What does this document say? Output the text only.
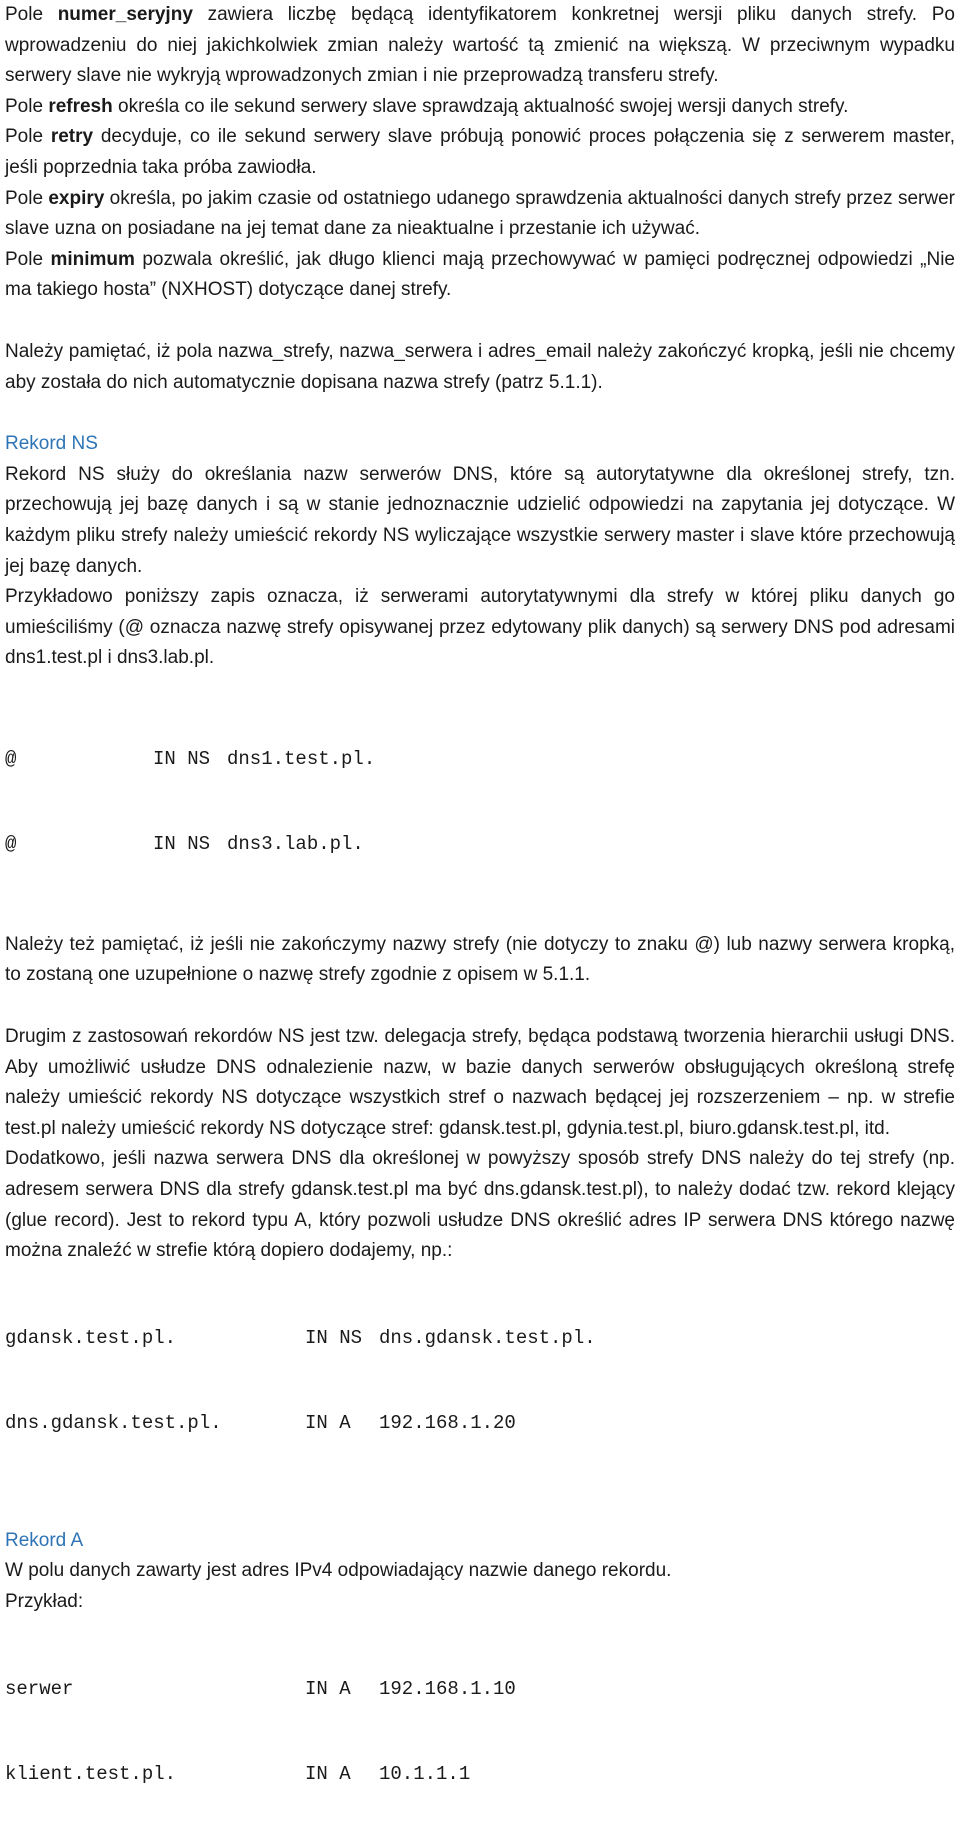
Pole numer_seryjny zawiera liczbę będącą identyfikatorem konkretnej wersji pliku danych strefy. Po wprowadzeniu do niej jakichkolwiek zmian należy wartość tą zmienić na większą. W przeciwnym wypadku serwery slave nie wykryją wprowadzonych zmian i nie przeprowadzą transferu strefy.

Pole refresh określa co ile sekund serwery slave sprawdzają aktualność swojej wersji danych strefy.

Pole retry decyduje, co ile sekund serwery slave próbują ponowić proces połączenia się z serwerem master, jeśli poprzednia taka próba zawiodła.

Pole expiry określa, po jakim czasie od ostatniego udanego sprawdzenia aktualności danych strefy przez serwer slave uzna on posiadane na jej temat dane za nieaktualne i przestanie ich używać.

Pole minimum pozwala określić, jak długo klienci mają przechowywać w pamięci podręcznej odpowiedzi „Nie ma takiego hosta” (NXHOST) dotyczące danej strefy.

Należy pamiętać, iż pola nazwa_strefy, nazwa_serwera i adres_email należy zakończyć kropką, jeśli nie chcemy aby została do nich automatycznie dopisana nazwa strefy (patrz 5.1.1).

Rekord NS

Rekord NS służy do określania nazw serwerów DNS, które są autorytatywne dla określonej strefy, tzn. przechowują jej bazę danych i są w stanie jednoznacznie udzielić odpowiedzi na zapytania jej dotyczące. W każdym pliku strefy należy umieścić rekordy NS wyliczające wszystkie serwery master i slave które przechowują jej bazę danych.

Przykładowo poniższy zapis oznacza, iż serwerami autorytatywnymi dla strefy w której pliku danych go umieściliśmy (@ oznacza nazwę strefy opisywanej przez edytowany plik danych) są serwery DNS pod adresami dns1.test.pl i dns3.lab.pl.

@	IN NS dns1.test.pl.

@	IN NS dns3.lab.pl.

Należy też pamiętać, iż jeśli nie zakończymy nazwy strefy (nie dotyczy to znaku @) lub nazwy serwera kropką, to zostaną one uzupełnione o nazwę strefy zgodnie z opisem w 5.1.1.

Drugim z zastosowań rekordów NS jest tzw. delegacja strefy, będąca podstawą tworzenia hierarchii usługi DNS. Aby umożliwić usłudze DNS odnalezienie nazw, w bazie danych serwerów obsługujących określoną strefę należy umieścić rekordy NS dotyczące wszystkich stref o nazwach będącej jej rozszerzeniem – np. w strefie test.pl należy umieścić rekordy NS dotyczące stref: gdansk.test.pl, gdynia.test.pl, biuro.gdansk.test.pl, itd.

Dodatkowo, jeśli nazwa serwera DNS dla określonej w powyższy sposób strefy DNS należy do tej strefy (np. adresem serwera DNS dla strefy gdansk.test.pl ma być dns.gdansk.test.pl), to należy dodać tzw. rekord klejący (glue record). Jest to rekord typu A, który pozwoli usłudze DNS określić adres IP serwera DNS którego nazwę można znaleźć w strefie którą dopiero dodajemy, np.:

gdansk.test.pl.	IN NS dns.gdansk.test.pl.

dns.gdansk.test.pl.	IN A	192.168.1.20

Rekord A

W polu danych zawarty jest adres IPv4 odpowiadający nazwie danego rekordu.

Przykład:

serwer	IN A	192.168.1.10

klient.test.pl.	IN A	10.1.1.1
